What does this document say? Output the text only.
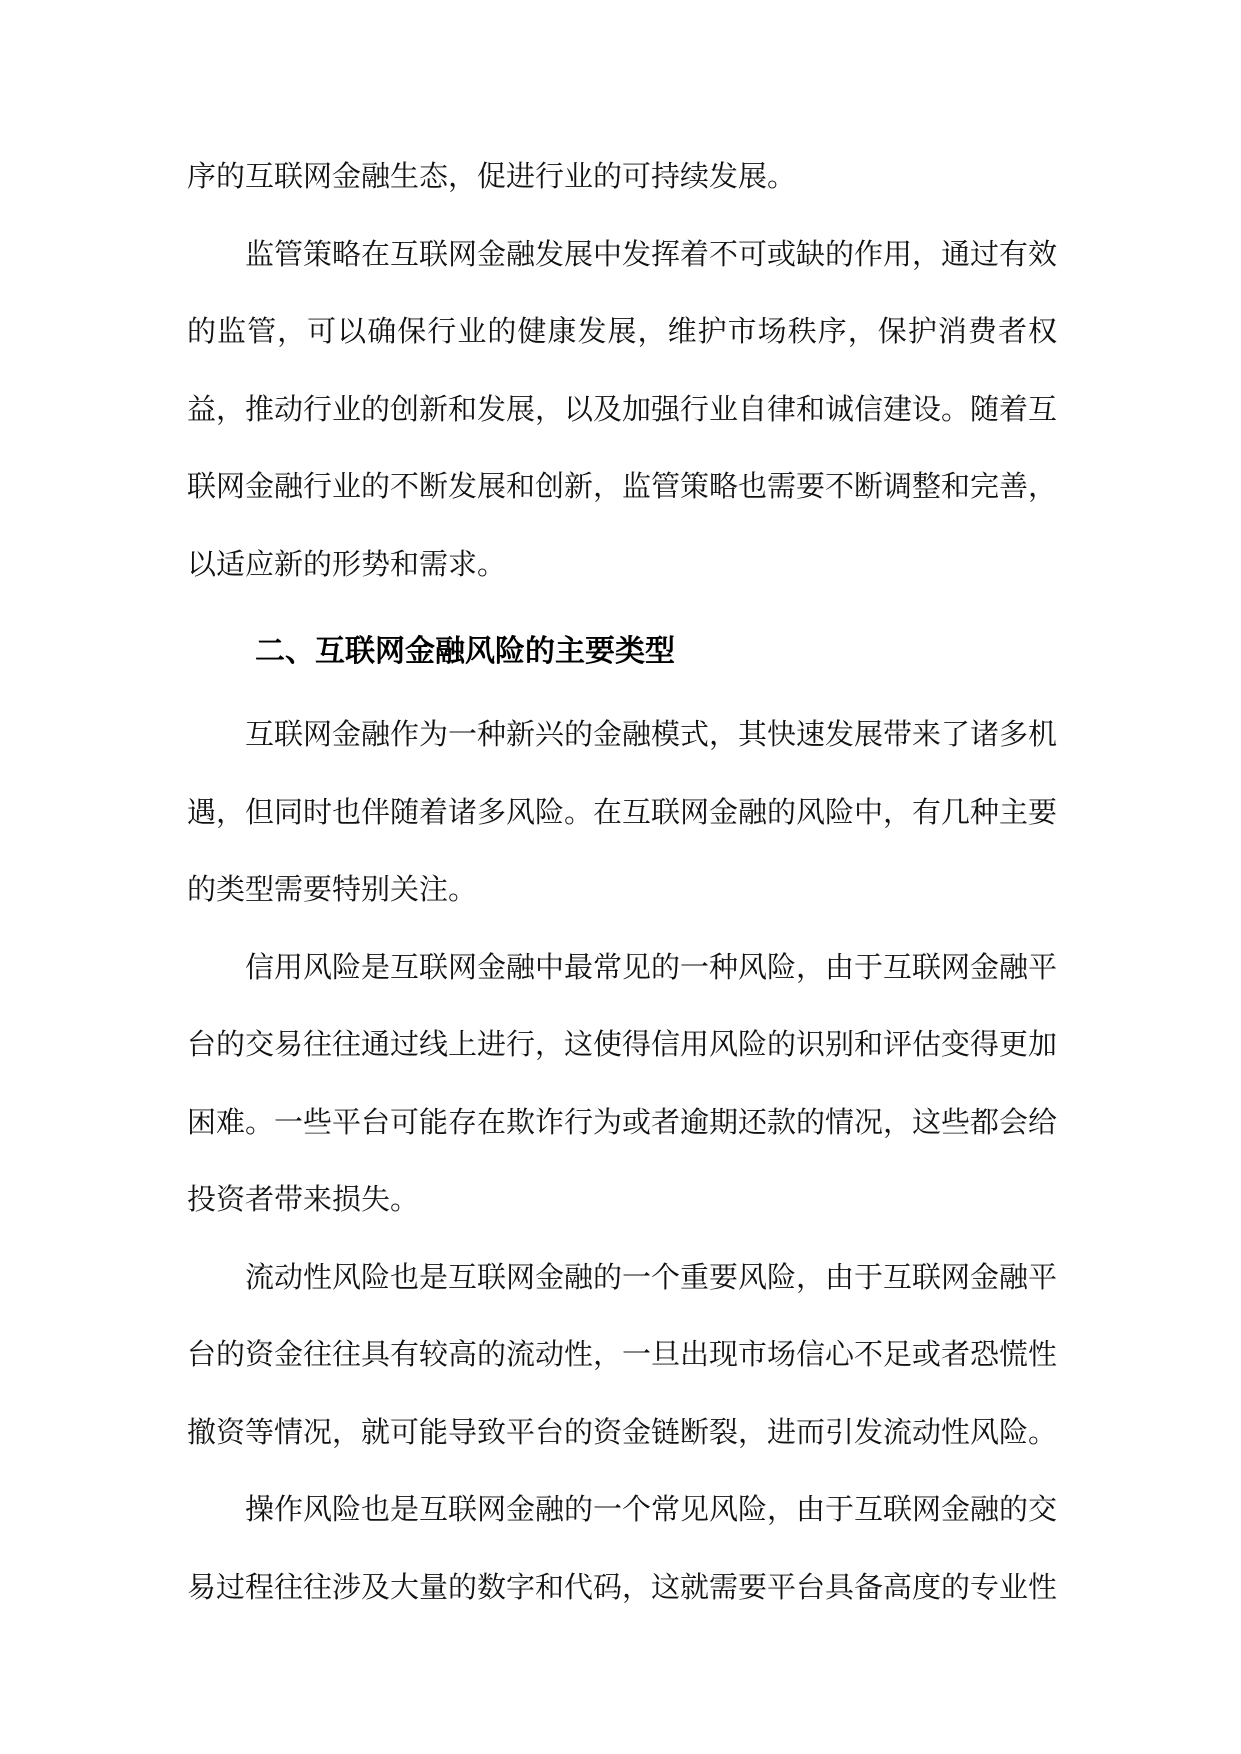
序的互联网金融生态，促进行业的可持续发展。

监管策略在互联网金融发展中发挥着不可或缺的作用，通过有效的监管，可以确保行业的健康发展，维护市场秩序，保护消费者权益，推动行业的创新和发展，以及加强行业自律和诚信建设。随着互联网金融行业的不断发展和创新，监管策略也需要不断调整和完善，以适应新的形势和需求。

二、互联网金融风险的主要类型

互联网金融作为一种新兴的金融模式，其快速发展带来了诸多机遇，但同时也伴随着诸多风险。在互联网金融的风险中，有几种主要的类型需要特别关注。

信用风险是互联网金融中最常见的一种风险，由于互联网金融平台的交易往往通过线上进行，这使得信用风险的识别和评估变得更加困难。一些平台可能存在欺诈行为或者逾期还款的情况，这些都会给投资者带来损失。

流动性风险也是互联网金融的一个重要风险，由于互联网金融平台的资金往往具有较高的流动性，一旦出现市场信心不足或者恐慌性撤资等情况，就可能导致平台的资金链断裂，进而引发流动性风险。

操作风险也是互联网金融的一个常见风险，由于互联网金融的交易过程往往涉及大量的数字和代码，这就需要平台具备高度的专业性
